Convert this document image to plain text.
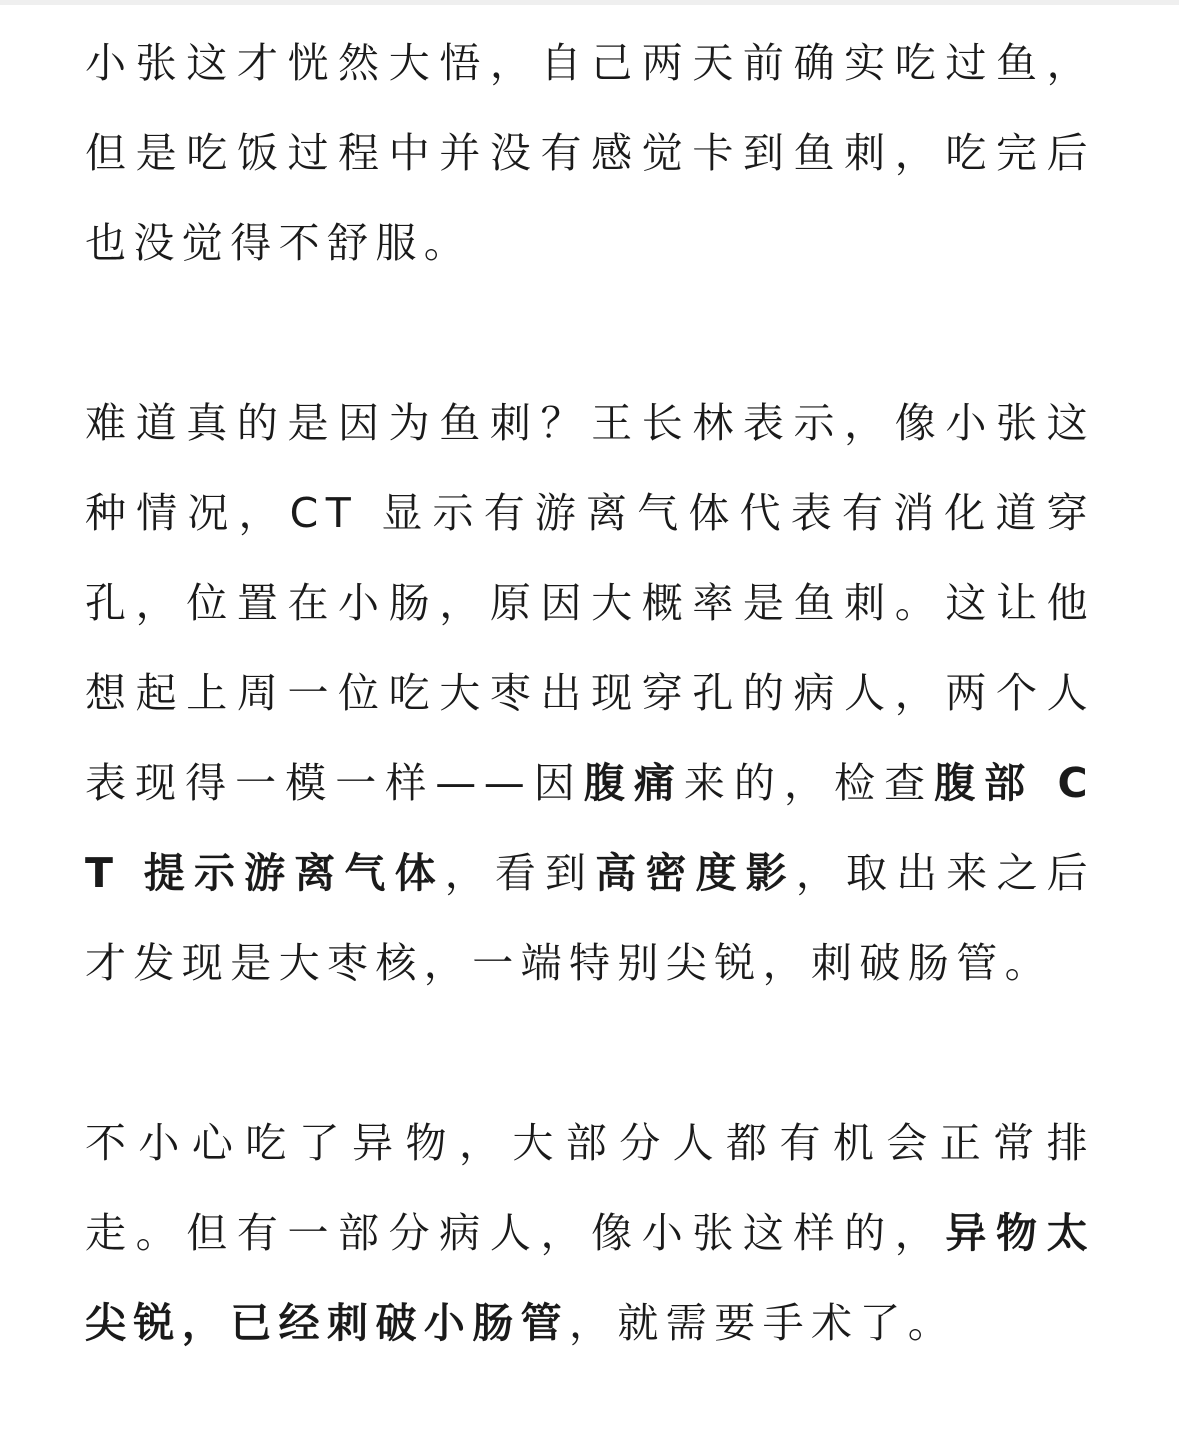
小张这才恍然大悟，自己两天前确实吃过鱼，但是吃饭过程中并没有感觉卡到鱼刺，吃完后也没觉得不舒服。

难道真的是因为鱼刺？王长林表示，像小张这种情况，CT 显示有游离气体代表有消化道穿孔，位置在小肠，原因大概率是鱼刺。这让他想起上周一位吃大枣出现穿孔的病人，两个人表现得一模一样——因腹痛来的，检查腹部 CT 提示游离气体，看到高密度影，取出来之后才发现是大枣核，一端特别尖锐，刺破肠管。

不小心吃了异物，大部分人都有机会正常排走。但有一部分病人，像小张这样的，异物太尖锐，已经刺破小肠管，就需要手术了。
